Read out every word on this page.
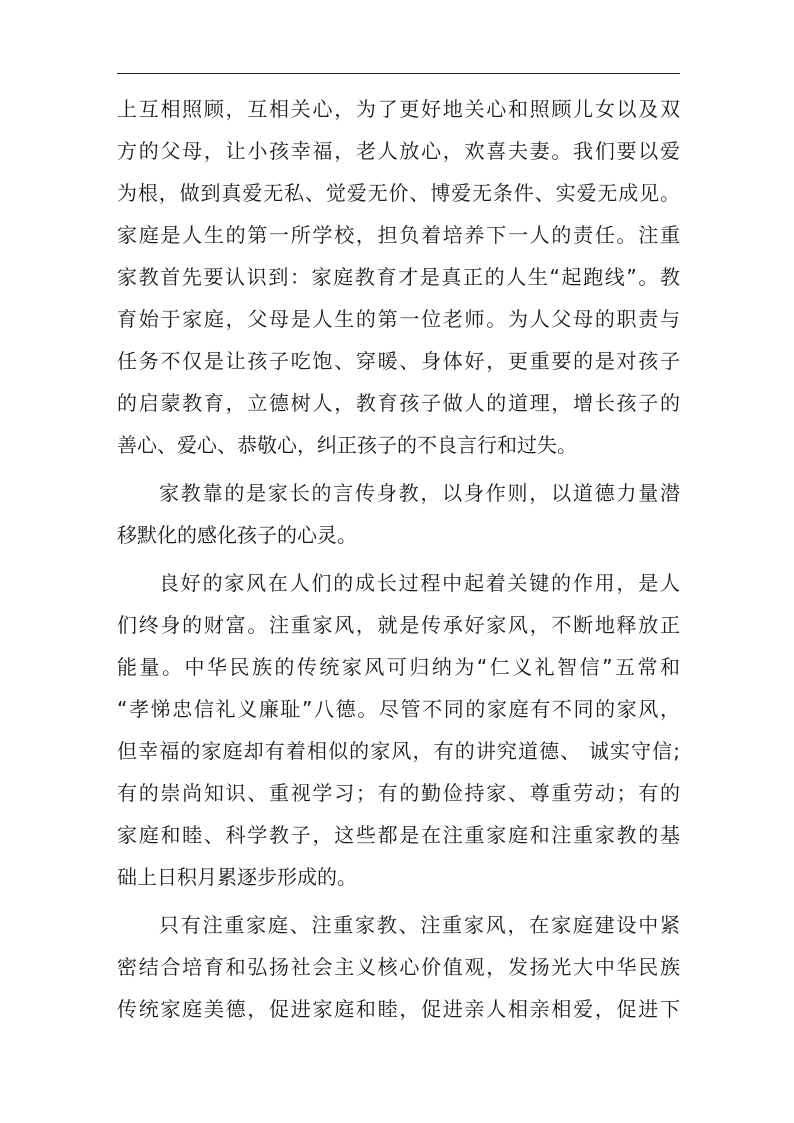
上互相照顾，互相关心，为了更好地关心和照顾儿女以及双
方的父母，让小孩幸福，老人放心，欢喜夫妻。我们要以爱
为根，做到真爱无私、觉爱无价、博爱无条件、实爱无成见。
家庭是人生的第一所学校，担负着培养下一人的责任。注重
家教首先要认识到：家庭教育才是真正的人生“起跑线”。教
育始于家庭，父母是人生的第一位老师。为人父母的职责与
任务不仅是让孩子吃饱、穿暖、身体好，更重要的是对孩子
的启蒙教育，立德树人，教育孩子做人的道理，增长孩子的
善心、爱心、恭敬心，纠正孩子的不良言行和过失。
家教靠的是家长的言传身教，以身作则，以道德力量潜
移默化的感化孩子的心灵。
良好的家风在人们的成长过程中起着关键的作用，是人
们终身的财富。注重家风，就是传承好家风，不断地释放正
能量。中华民族的传统家风可归纳为“仁义礼智信”五常和
“孝悌忠信礼义廉耻”八德。尽管不同的家庭有不同的家风，
但幸福的家庭却有着相似的家风，有的讲究道德、 诚实守信;
有的崇尚知识、重视学习；有的勤俭持家、尊重劳动；有的
家庭和睦、科学教子，这些都是在注重家庭和注重家教的基
础上日积月累逐步形成的。
只有注重家庭、注重家教、注重家风，在家庭建设中紧
密结合培育和弘扬社会主义核心价值观，发扬光大中华民族
传统家庭美德，促进家庭和睦，促进亲人相亲相爱，促进下
